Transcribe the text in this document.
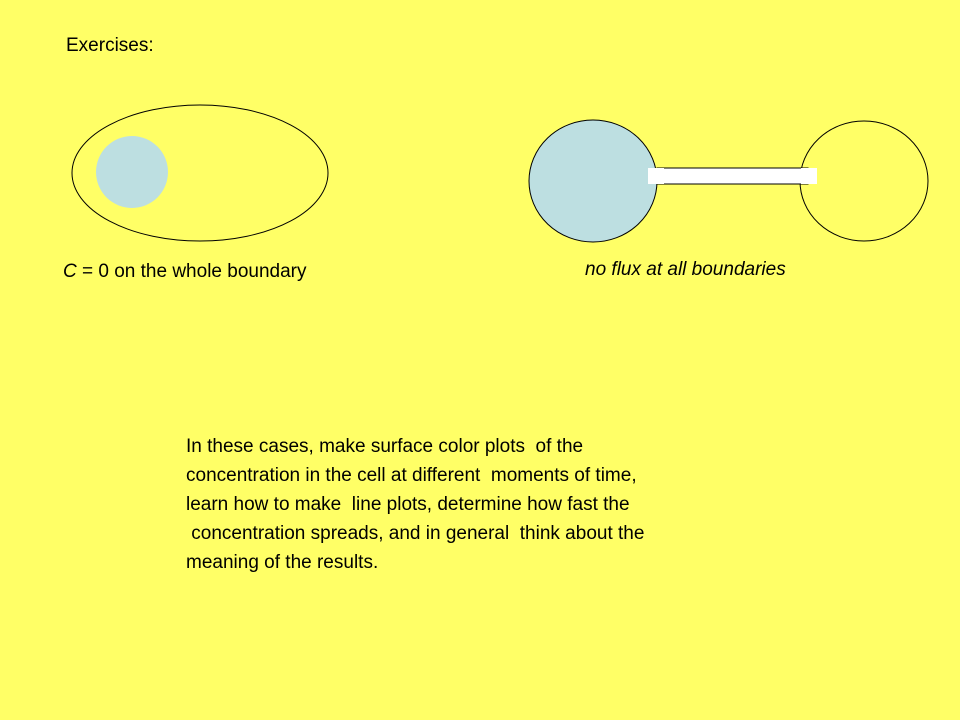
Exercises:
C = 0 on the whole boundary	no flux at all boundaries
In these cases, make surface color plots  of the
concentration in the cell at different  moments of time,
learn how to make  line plots, determine how fast the
concentration spreads, and in general  think about the
meaning of the results.
